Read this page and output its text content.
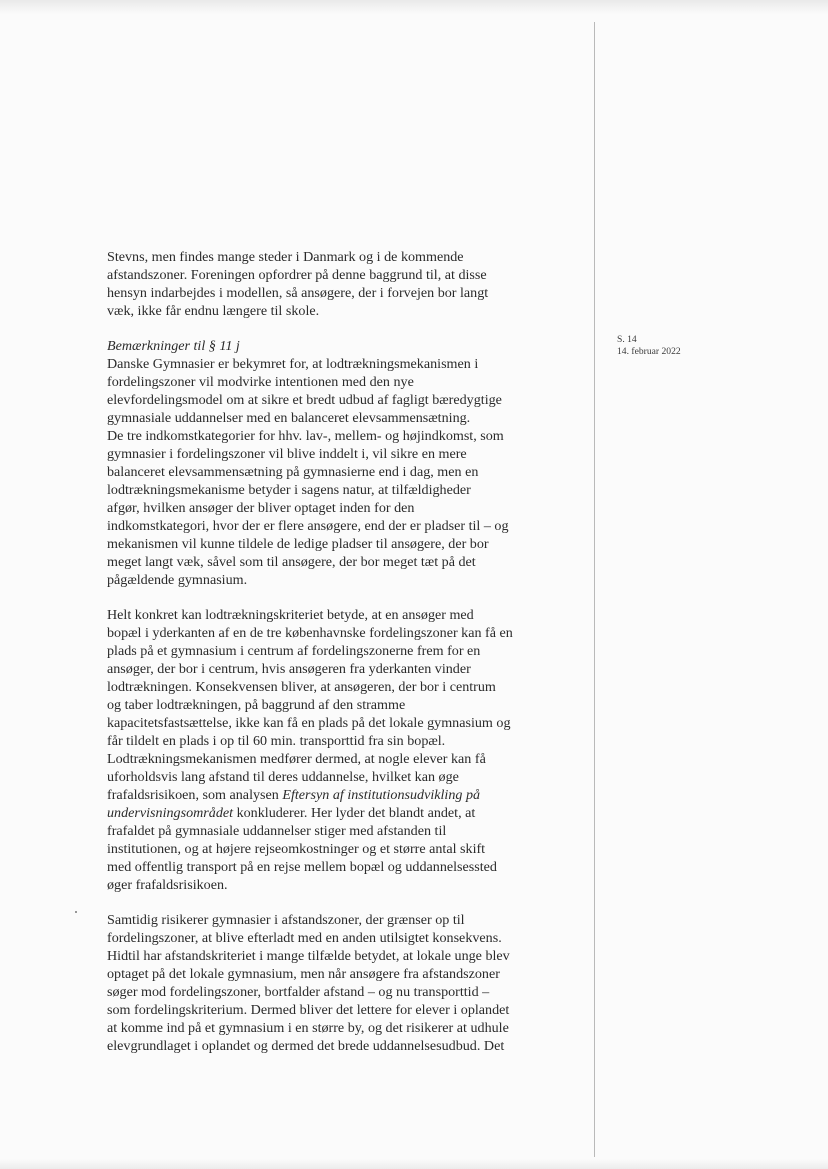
S. 14
14. februar 2022

Stevns, men findes mange steder i Danmark og i de kommende
afstandszoner. Foreningen opfordrer på denne baggrund til, at disse
hensyn indarbejdes i modellen, så ansøgere, der i forvejen bor langt
væk, ikke får endnu længere til skole.

Bemærkninger til § 11 j
Danske Gymnasier er bekymret for, at lodtrækningsmekanismen i
fordelingszoner vil modvirke intentionen med den nye
elevfordelingsmodel om at sikre et bredt udbud af fagligt bæredygtige
gymnasiale uddannelser med en balanceret elevsammensætning.
De tre indkomstkategorier for hhv. lav-, mellem- og højindkomst, som
gymnasier i fordelingszoner vil blive inddelt i, vil sikre en mere
balanceret elevsammensætning på gymnasierne end i dag, men en
lodtrækningsmekanisme betyder i sagens natur, at tilfældigheder
afgør, hvilken ansøger der bliver optaget inden for den
indkomstkategori, hvor der er flere ansøgere, end der er pladser til – og
mekanismen vil kunne tildele de ledige pladser til ansøgere, der bor
meget langt væk, såvel som til ansøgere, der bor meget tæt på det
pågældende gymnasium.

Helt konkret kan lodtrækningskriteriet betyde, at en ansøger med
bopæl i yderkanten af en de tre københavnske fordelingszoner kan få en
plads på et gymnasium i centrum af fordelingszonerne frem for en
ansøger, der bor i centrum, hvis ansøgeren fra yderkanten vinder
lodtrækningen. Konsekvensen bliver, at ansøgeren, der bor i centrum
og taber lodtrækningen, på baggrund af den stramme
kapacitetsfastsættelse, ikke kan få en plads på det lokale gymnasium og
får tildelt en plads i op til 60 min. transporttid fra sin bopæl.
Lodtrækningsmekanismen medfører dermed, at nogle elever kan få
uforholdsvis lang afstand til deres uddannelse, hvilket kan øge
frafaldsrisikoen, som analysen Eftersyn af institutionsudvikling på
undervisningsområdet konkluderer. Her lyder det blandt andet, at
frafaldet på gymnasiale uddannelser stiger med afstanden til
institutionen, og at højere rejseomkostninger og et større antal skift
med offentlig transport på en rejse mellem bopæl og uddannelsessted
øger frafaldsrisikoen.

Samtidig risikerer gymnasier i afstandszoner, der grænser op til
fordelingszoner, at blive efterladt med en anden utilsigtet konsekvens.
Hidtil har afstandskriteriet i mange tilfælde betydet, at lokale unge blev
optaget på det lokale gymnasium, men når ansøgere fra afstandszoner
søger mod fordelingszoner, bortfalder afstand – og nu transporttid –
som fordelingskriterium. Dermed bliver det lettere for elever i oplandet
at komme ind på et gymnasium i en større by, og det risikerer at udhule
elevgrundlaget i oplandet og dermed det brede uddannelsesudbud. Det
